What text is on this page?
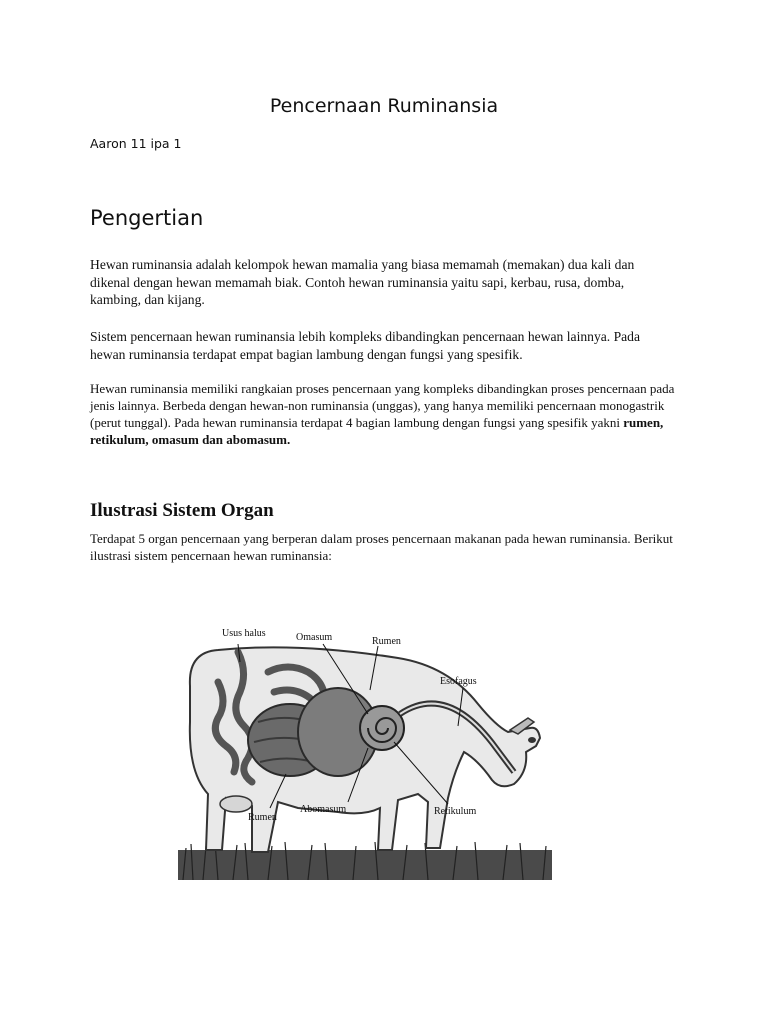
Pencernaan Ruminansia

Aaron 11 ipa 1

Pengertian

Hewan ruminansia adalah kelompok hewan mamalia yang biasa memamah (memakan) dua kali dan dikenal dengan hewan memamah biak. Contoh hewan ruminansia yaitu sapi, kerbau, rusa, domba, kambing, dan kijang.

Sistem pencernaan hewan ruminansia lebih kompleks dibandingkan pencernaan hewan lainnya. Pada hewan ruminansia terdapat empat bagian lambung dengan fungsi yang spesifik.

Hewan ruminansia memiliki rangkaian proses pencernaan yang kompleks dibandingkan proses pencernaan pada jenis lainnya. Berbeda dengan hewan-non ruminansia (unggas), yang hanya memiliki pencernaan monogastrik (perut tunggal). Pada hewan ruminansia terdapat 4 bagian lambung dengan fungsi yang spesifik yakni rumen, retikulum, omasum dan abomasum.

Ilustrasi Sistem Organ

Terdapat 5 organ pencernaan yang berperan dalam proses pencernaan makanan pada hewan ruminansia. Berikut ilustrasi sistem pencernaan hewan ruminansia:

Usus halus	Omasum	Rumen
Esofagus
Rumen
Abomasum	Retikulum
